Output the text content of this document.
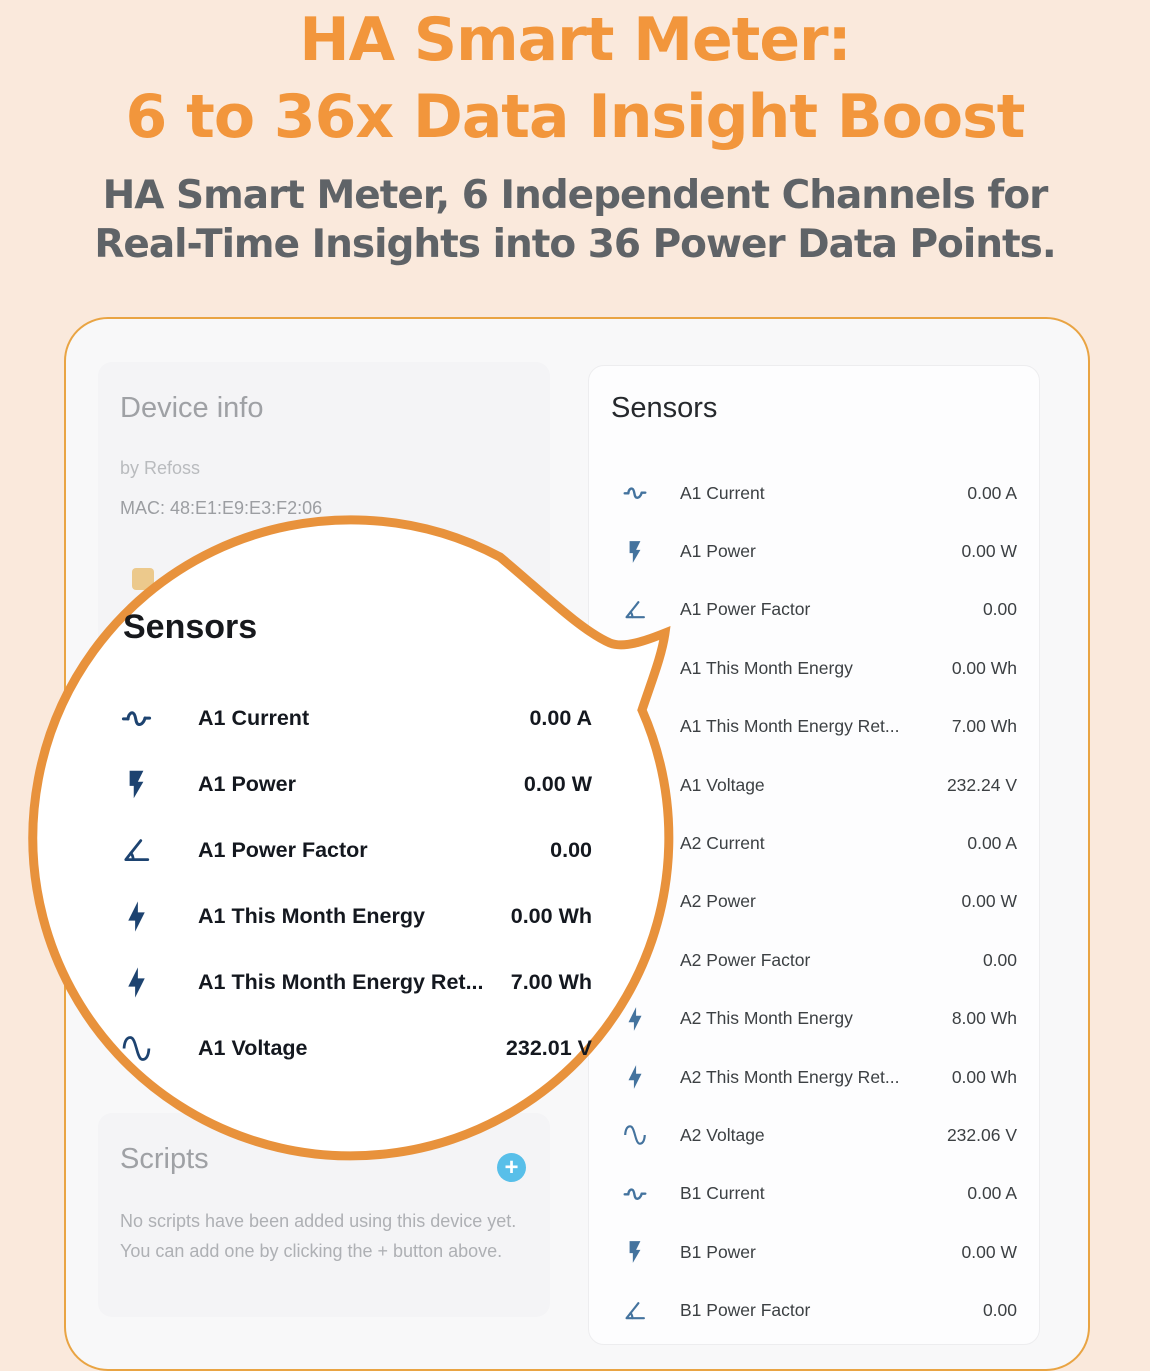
HA Smart Meter:
6 to 36x Data Insight Boost
HA Smart Meter, 6 Independent Channels for
Real-Time Insights into 36 Power Data Points.
Device info
by Refoss
MAC: 48:E1:E9:E3:F2:06
Scripts	+
No scripts have been added using this device yet. You can add one by clicking the + button above.
Sensors
A1 Current	0.00 A
A1 Power	0.00 W
A1 Power Factor	0.00
A1 This Month Energy	0.00 Wh
A1 This Month Energy Ret...	7.00 Wh
A1 Voltage	232.24 V
A2 Current	0.00 A
A2 Power	0.00 W
A2 Power Factor	0.00
A2 This Month Energy	8.00 Wh
A2 This Month Energy Ret...	0.00 Wh
A2 Voltage	232.06 V
B1 Current	0.00 A
B1 Power	0.00 W
B1 Power Factor	0.00
Sensors
A1 Current	0.00 A
A1 Power	0.00 W
A1 Power Factor	0.00
A1 This Month Energy	0.00 Wh
A1 This Month Energy Ret...	7.00 Wh
A1 Voltage	232.01 V
